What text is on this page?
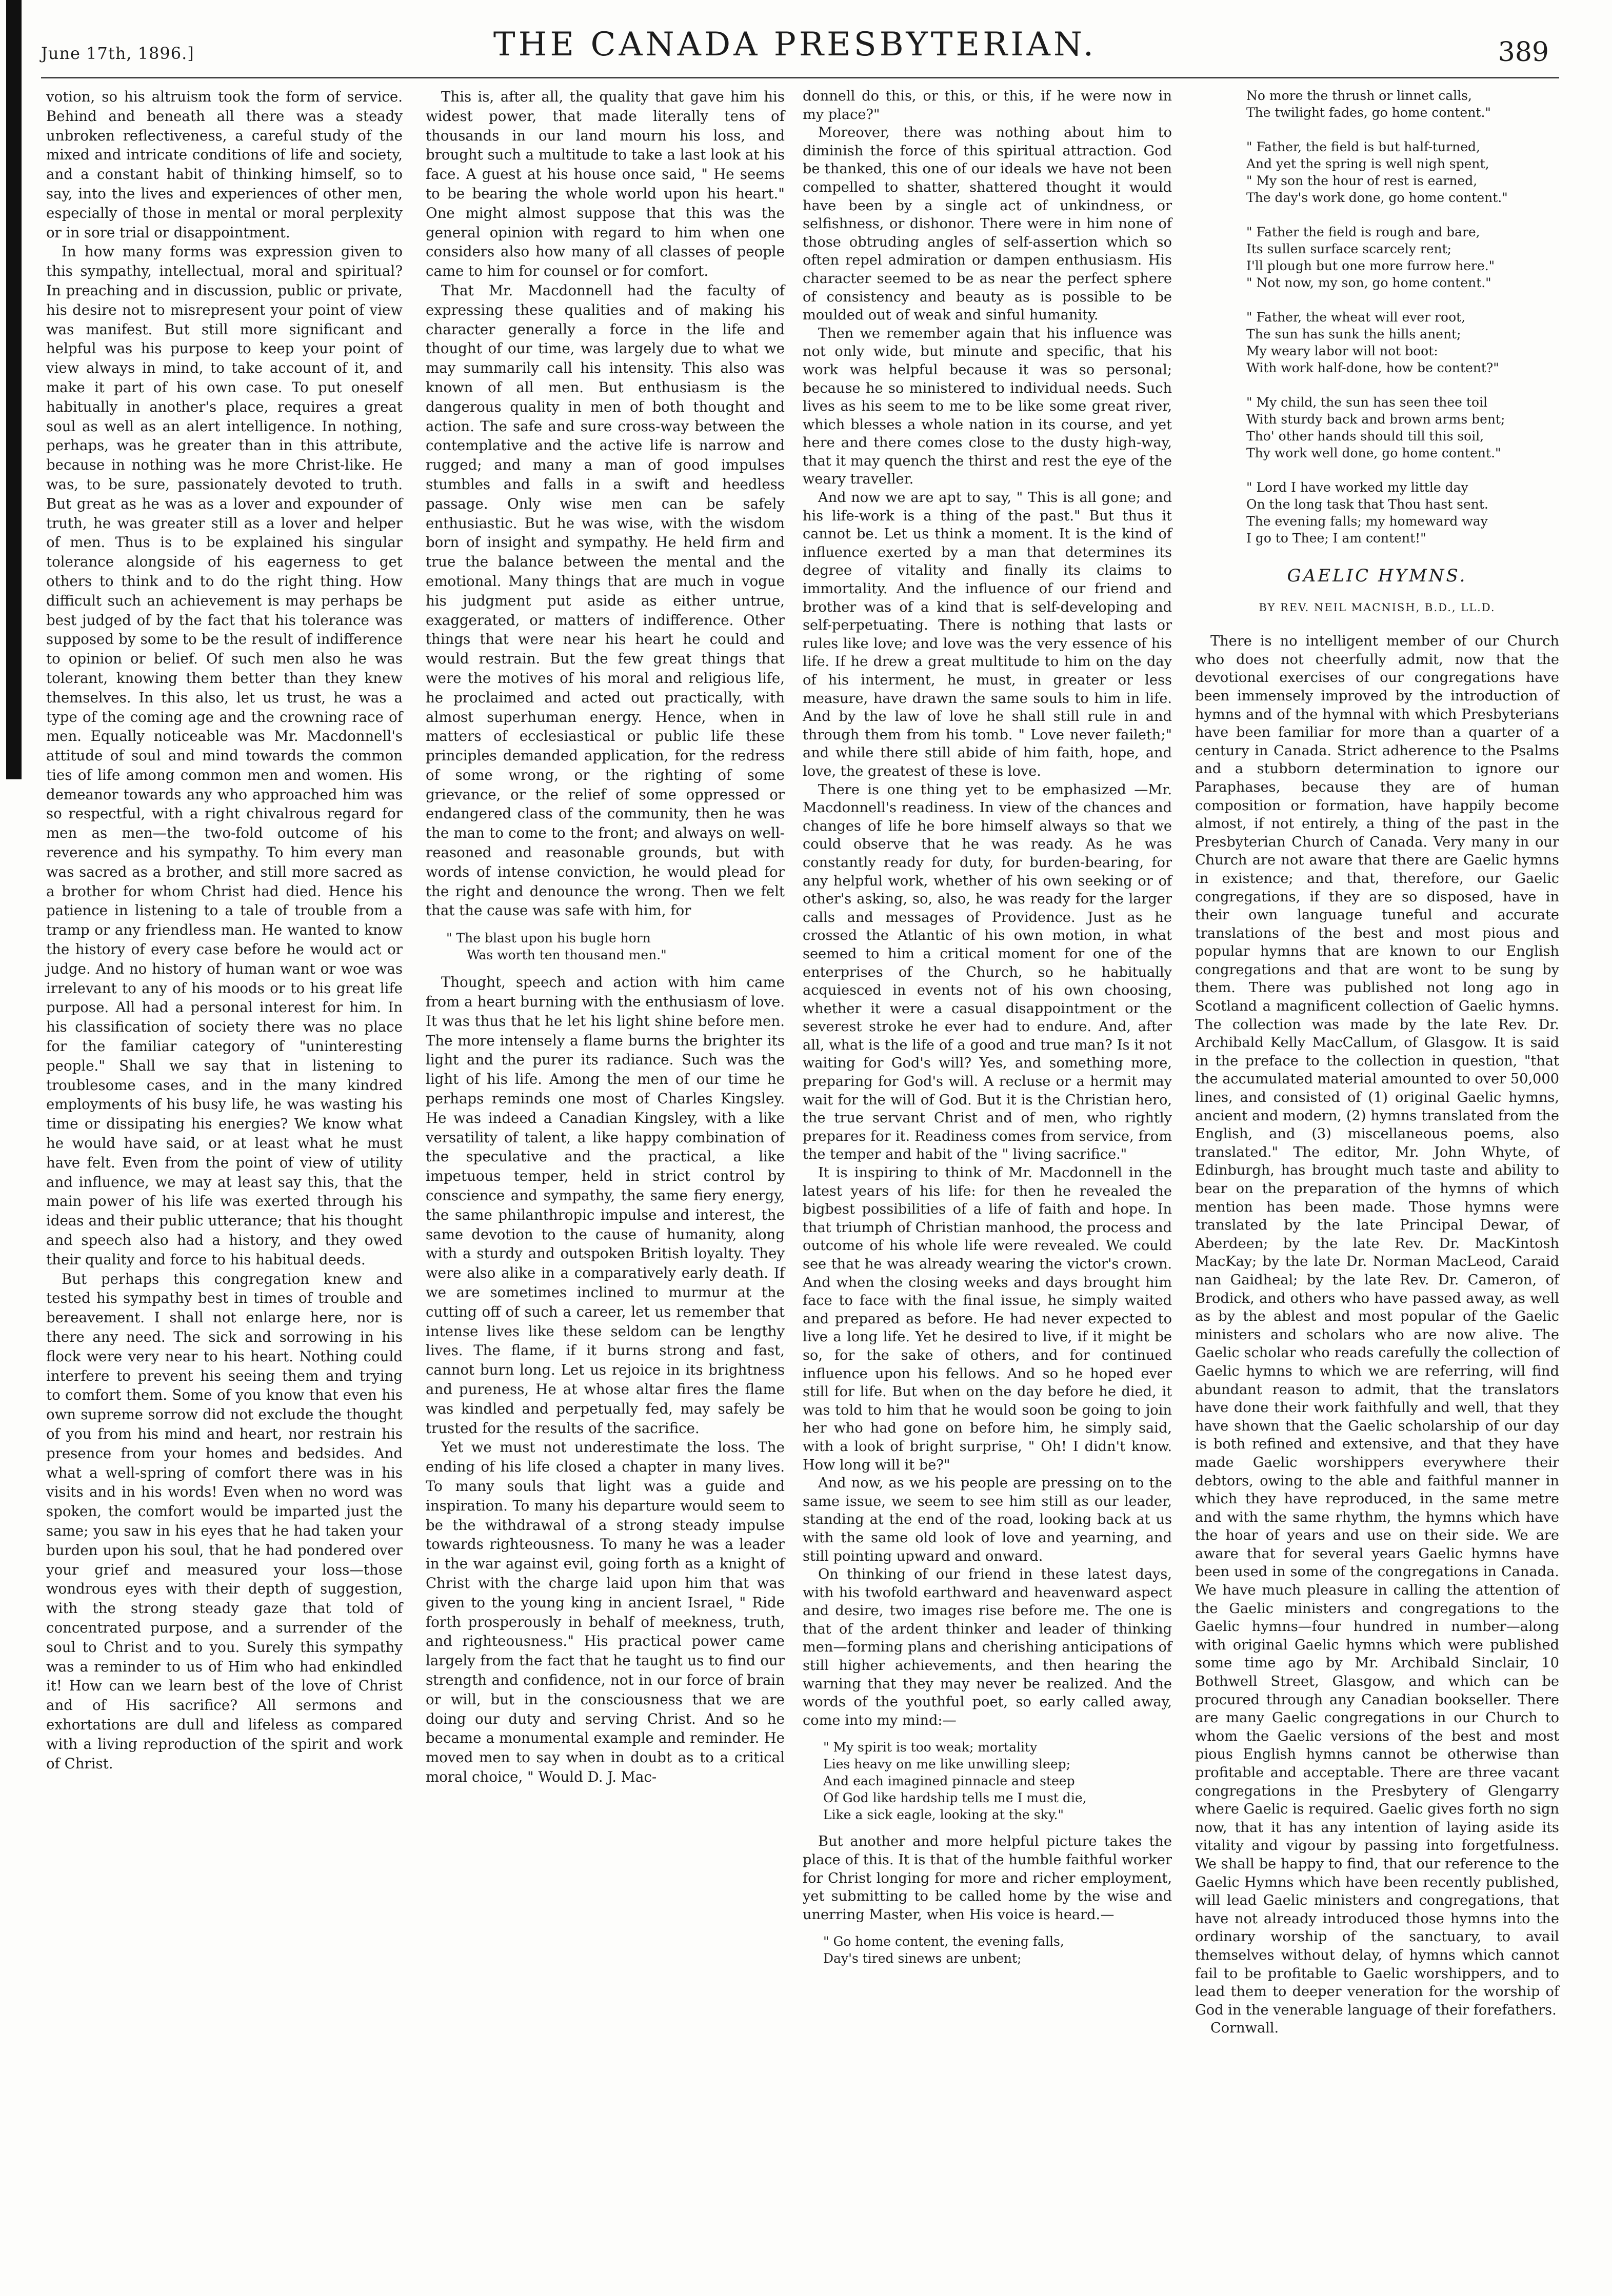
June 17th, 1896.]	THE CANADA PRESBYTERIAN.	389

votion, so his altruism took the form of service. Behind and beneath all there was a steady unbroken reflectiveness, a careful study of the mixed and intricate conditions of life and society, and a constant habit of thinking himself, so to say, into the lives and experiences of other men, especially of those in mental or moral perplexity or in sore trial or disappointment.

In how many forms was expression given to this sympathy, intellectual, moral and spiritual? In preaching and in discussion, public or private, his desire not to misrepresent your point of view was manifest. But still more significant and helpful was his purpose to keep your point of view always in mind, to take account of it, and make it part of his own case. To put oneself habitually in another's place, requires a great soul as well as an alert intelligence. In nothing, perhaps, was he greater than in this attribute, because in nothing was he more Christ-like. He was, to be sure, passionately devoted to truth. But great as he was as a lover and expounder of truth, he was greater still as a lover and helper of men. Thus is to be explained his singular tolerance alongside of his eagerness to get others to think and to do the right thing. How difficult such an achievement is may perhaps be best judged of by the fact that his tolerance was supposed by some to be the result of indifference to opinion or belief. Of such men also he was tolerant, knowing them better than they knew themselves. In this also, let us trust, he was a type of the coming age and the crowning race of men. Equally noticeable was Mr. Macdonnell's attitude of soul and mind towards the common ties of life among common men and women. His demeanor towards any who approached him was so respectful, with a right chivalrous regard for men as men—the two-fold outcome of his reverence and his sympathy. To him every man was sacred as a brother, and still more sacred as a brother for whom Christ had died. Hence his patience in listening to a tale of trouble from a tramp or any friendless man. He wanted to know the history of every case before he would act or judge. And no history of human want or woe was irrelevant to any of his moods or to his great life purpose. All had a personal interest for him. In his classification of society there was no place for the familiar category of "uninteresting people." Shall we say that in listening to troublesome cases, and in the many kindred employments of his busy life, he was wasting his time or dissipating his energies? We know what he would have said, or at least what he must have felt. Even from the point of view of utility and influence, we may at least say this, that the main power of his life was exerted through his ideas and their public utterance; that his thought and speech also had a history, and they owed their quality and force to his habitual deeds.

But perhaps this congregation knew and tested his sympathy best in times of trouble and bereavement. I shall not enlarge here, nor is there any need. The sick and sorrowing in his flock were very near to his heart. Nothing could interfere to prevent his seeing them and trying to comfort them. Some of you know that even his own supreme sorrow did not exclude the thought of you from his mind and heart, nor restrain his presence from your homes and bedsides. And what a well-spring of comfort there was in his visits and in his words! Even when no word was spoken, the comfort would be imparted just the same; you saw in his eyes that he had taken your burden upon his soul, that he had pondered over your grief and measured your loss—those wondrous eyes with their depth of suggestion, with the strong steady gaze that told of concentrated purpose, and a surrender of the soul to Christ and to you. Surely this sympathy was a reminder to us of Him who had enkindled it! How can we learn best of the love of Christ and of His sacrifice? All sermons and exhortations are dull and lifeless as compared with a living reproduction of the spirit and work of Christ.

This is, after all, the quality that gave him his widest power, that made literally tens of thousands in our land mourn his loss, and brought such a multitude to take a last look at his face. A guest at his house once said, " He seems to be bearing the whole world upon his heart." One might almost suppose that this was the general opinion with regard to him when one considers also how many of all classes of people came to him for counsel or for comfort.

That Mr. Macdonnell had the faculty of expressing these qualities and of making his character generally a force in the life and thought of our time, was largely due to what we may summarily call his intensity. This also was known of all men. But enthusiasm is the dangerous quality in men of both thought and action. The safe and sure cross-way between the contemplative and the active life is narrow and rugged; and many a man of good impulses stumbles and falls in a swift and heedless passage. Only wise men can be safely enthusiastic. But he was wise, with the wisdom born of insight and sympathy. He held firm and true the balance between the mental and the emotional. Many things that are much in vogue his judgment put aside as either untrue, exaggerated, or matters of indifference. Other things that were near his heart he could and would restrain. But the few great things that were the motives of his moral and religious life, he proclaimed and acted out practically, with almost superhuman energy. Hence, when in matters of ecclesiastical or public life these principles demanded application, for the redress of some wrong, or the righting of some grievance, or the relief of some oppressed or endangered class of the community, then he was the man to come to the front; and always on well-reasoned and reasonable grounds, but with words of intense conviction, he would plead for the right and denounce the wrong. Then we felt that the cause was safe with him, for

" The blast upon his bugle horn
Was worth ten thousand men."

Thought, speech and action with him came from a heart burning with the enthusiasm of love. It was thus that he let his light shine before men. The more intensely a flame burns the brighter its light and the purer its radiance. Such was the light of his life. Among the men of our time he perhaps reminds one most of Charles Kingsley. He was indeed a Canadian Kingsley, with a like versatility of talent, a like happy combination of the speculative and the practical, a like impetuous temper, held in strict control by conscience and sympathy, the same fiery energy, the same philanthropic impulse and interest, the same devotion to the cause of humanity, along with a sturdy and outspoken British loyalty. They were also alike in a comparatively early death. If we are sometimes inclined to murmur at the cutting off of such a career, let us remember that intense lives like these seldom can be lengthy lives. The flame, if it burns strong and fast, cannot burn long. Let us rejoice in its brightness and pureness, He at whose altar fires the flame was kindled and perpetually fed, may safely be trusted for the results of the sacrifice.

Yet we must not underestimate the loss. The ending of his life closed a chapter in many lives. To many souls that light was a guide and inspiration. To many his departure would seem to be the withdrawal of a strong steady impulse towards righteousness. To many he was a leader in the war against evil, going forth as a knight of Christ with the charge laid upon him that was given to the young king in ancient Israel, " Ride forth prosperously in behalf of meekness, truth, and righteousness." His practical power came largely from the fact that he taught us to find our strength and confidence, not in our force of brain or will, but in the consciousness that we are doing our duty and serving Christ. And so he became a monumental example and reminder. He moved men to say when in doubt as to a critical moral choice, " Would D. J. Mac-

donnell do this, or this, or this, if he were now in my place?"

Moreover, there was nothing about him to diminish the force of this spiritual attraction. God be thanked, this one of our ideals we have not been compelled to shatter, shattered thought it would have been by a single act of unkindness, or selfishness, or dishonor. There were in him none of those obtruding angles of self-assertion which so often repel admiration or dampen enthusiasm. His character seemed to be as near the perfect sphere of consistency and beauty as is possible to be moulded out of weak and sinful humanity.

Then we remember again that his influence was not only wide, but minute and specific, that his work was helpful because it was so personal; because he so ministered to individual needs. Such lives as his seem to me to be like some great river, which blesses a whole nation in its course, and yet here and there comes close to the dusty high-way, that it may quench the thirst and rest the eye of the weary traveller.

And now we are apt to say, " This is all gone; and his life-work is a thing of the past." But thus it cannot be. Let us think a moment. It is the kind of influence exerted by a man that determines its degree of vitality and finally its claims to immortality. And the influence of our friend and brother was of a kind that is self-developing and self-perpetuating. There is nothing that lasts or rules like love; and love was the very essence of his life. If he drew a great multitude to him on the day of his interment, he must, in greater or less measure, have drawn the same souls to him in life. And by the law of love he shall still rule in and through them from his tomb. " Love never faileth;" and while there still abide of him faith, hope, and love, the greatest of these is love.

There is one thing yet to be emphasized —Mr. Macdonnell's readiness. In view of the chances and changes of life he bore himself always so that we could observe that he was ready. As he was constantly ready for duty, for burden-bearing, for any helpful work, whether of his own seeking or of other's asking, so, also, he was ready for the larger calls and messages of Providence. Just as he crossed the Atlantic of his own motion, in what seemed to him a critical moment for one of the enterprises of the Church, so he habitually acquiesced in events not of his own choosing, whether it were a casual disappointment or the severest stroke he ever had to endure. And, after all, what is the life of a good and true man? Is it not waiting for God's will? Yes, and something more, preparing for God's will. A recluse or a hermit may wait for the will of God. But it is the Christian hero, the true servant Christ and of men, who rightly prepares for it. Readiness comes from service, from the temper and habit of the " living sacrifice."

It is inspiring to think of Mr. Macdonnell in the latest years of his life: for then he revealed the bigbest possibilities of a life of faith and hope. In that triumph of Christian manhood, the process and outcome of his whole life were revealed. We could see that he was already wearing the victor's crown. And when the closing weeks and days brought him face to face with the final issue, he simply waited and prepared as before. He had never expected to live a long life. Yet he desired to live, if it might be so, for the sake of others, and for continued influence upon his fellows. And so he hoped ever still for life. But when on the day before he died, it was told to him that he would soon be going to join her who had gone on before him, he simply said, with a look of bright surprise, " Oh! I didn't know. How long will it be?"

And now, as we his people are pressing on to the same issue, we seem to see him still as our leader, standing at the end of the road, looking back at us with the same old look of love and yearning, and still pointing upward and onward.

On thinking of our friend in these latest days, with his twofold earthward and heavenward aspect and desire, two images rise before me. The one is that of the ardent thinker and leader of thinking men—forming plans and cherishing anticipations of still higher achievements, and then hearing the warning that they may never be realized. And the words of the youthful poet, so early called away, come into my mind:—

" My spirit is too weak; mortality
Lies heavy on me like unwilling sleep;
And each imagined pinnacle and steep
Of God like hardship tells me I must die,
Like a sick eagle, looking at the sky."

But another and more helpful picture takes the place of this. It is that of the humble faithful worker for Christ longing for more and richer employment, yet submitting to be called home by the wise and unerring Master, when His voice is heard.—

" Go home content, the evening falls,
Day's tired sinews are unbent;
No more the thrush or linnet calls,
The twilight fades, go home content."
" Father, the field is but half-turned,
And yet the spring is well nigh spent,
" My son the hour of rest is earned,
The day's work done, go home content."
" Father the field is rough and bare,
Its sullen surface scarcely rent;
I'll plough but one more furrow here."
" Not now, my son, go home content."
" Father, the wheat will ever root,
The sun has sunk the hills anent;
My weary labor will not boot:
With work half-done, how be content?"
" My child, the sun has seen thee toil
With sturdy back and brown arms bent;
Tho' other hands should till this soil,
Thy work well done, go home content."
" Lord I have worked my little day
On the long task that Thou hast sent.
The evening falls; my homeward way
I go to Thee; I am content!"
GAELIC HYMNS.
BY REV. NEIL MACNISH, B.D., LL.D.

There is no intelligent member of our Church who does not cheerfully admit, now that the devotional exercises of our congregations have been immensely improved by the introduction of hymns and of the hymnal with which Presbyterians have been familiar for more than a quarter of a century in Canada. Strict adherence to the Psalms and a stubborn determination to ignore our Paraphases, because they are of human composition or formation, have happily become almost, if not entirely, a thing of the past in the Presbyterian Church of Canada. Very many in our Church are not aware that there are Gaelic hymns in existence; and that, therefore, our Gaelic congregations, if they are so disposed, have in their own language tuneful and accurate translations of the best and most pious and popular hymns that are known to our English congregations and that are wont to be sung by them. There was published not long ago in Scotland a magnificent collection of Gaelic hymns. The collection was made by the late Rev. Dr. Archibald Kelly MacCallum, of Glasgow. It is said in the preface to the collection in question, "that the accumulated material amounted to over 50,000 lines, and consisted of (1) original Gaelic hymns, ancient and modern, (2) hymns translated from the English, and (3) miscellaneous poems, also translated." The editor, Mr. John Whyte, of Edinburgh, has brought much taste and ability to bear on the preparation of the hymns of which mention has been made. Those hymns were translated by the late Principal Dewar, of Aberdeen; by the late Rev. Dr. MacKintosh MacKay; by the late Dr. Norman MacLeod, Caraid nan Gaidheal; by the late Rev. Dr. Cameron, of Brodick, and others who have passed away, as well as by the ablest and most popular of the Gaelic ministers and scholars who are now alive. The Gaelic scholar who reads carefully the collection of Gaelic hymns to which we are referring, will find abundant reason to admit, that the translators have done their work faithfully and well, that they have shown that the Gaelic scholarship of our day is both refined and extensive, and that they have made Gaelic worshippers everywhere their debtors, owing to the able and faithful manner in which they have reproduced, in the same metre and with the same rhythm, the hymns which have the hoar of years and use on their side. We are aware that for several years Gaelic hymns have been used in some of the congregations in Canada. We have much pleasure in calling the attention of the Gaelic ministers and congregations to the Gaelic hymns—four hundred in number—along with original Gaelic hymns which were published some time ago by Mr. Archibald Sinclair, 10 Bothwell Street, Glasgow, and which can be procured through any Canadian bookseller. There are many Gaelic congregations in our Church to whom the Gaelic versions of the best and most pious English hymns cannot be otherwise than profitable and acceptable. There are three vacant congregations in the Presbytery of Glengarry where Gaelic is required. Gaelic gives forth no sign now, that it has any intention of laying aside its vitality and vigour by passing into forgetfulness. We shall be happy to find, that our reference to the Gaelic Hymns which have been recently published, will lead Gaelic ministers and congregations, that have not already introduced those hymns into the ordinary worship of the sanctuary, to avail themselves without delay, of hymns which cannot fail to be profitable to Gaelic worshippers, and to lead them to deeper veneration for the worship of God in the venerable language of their forefathers.

Cornwall.
